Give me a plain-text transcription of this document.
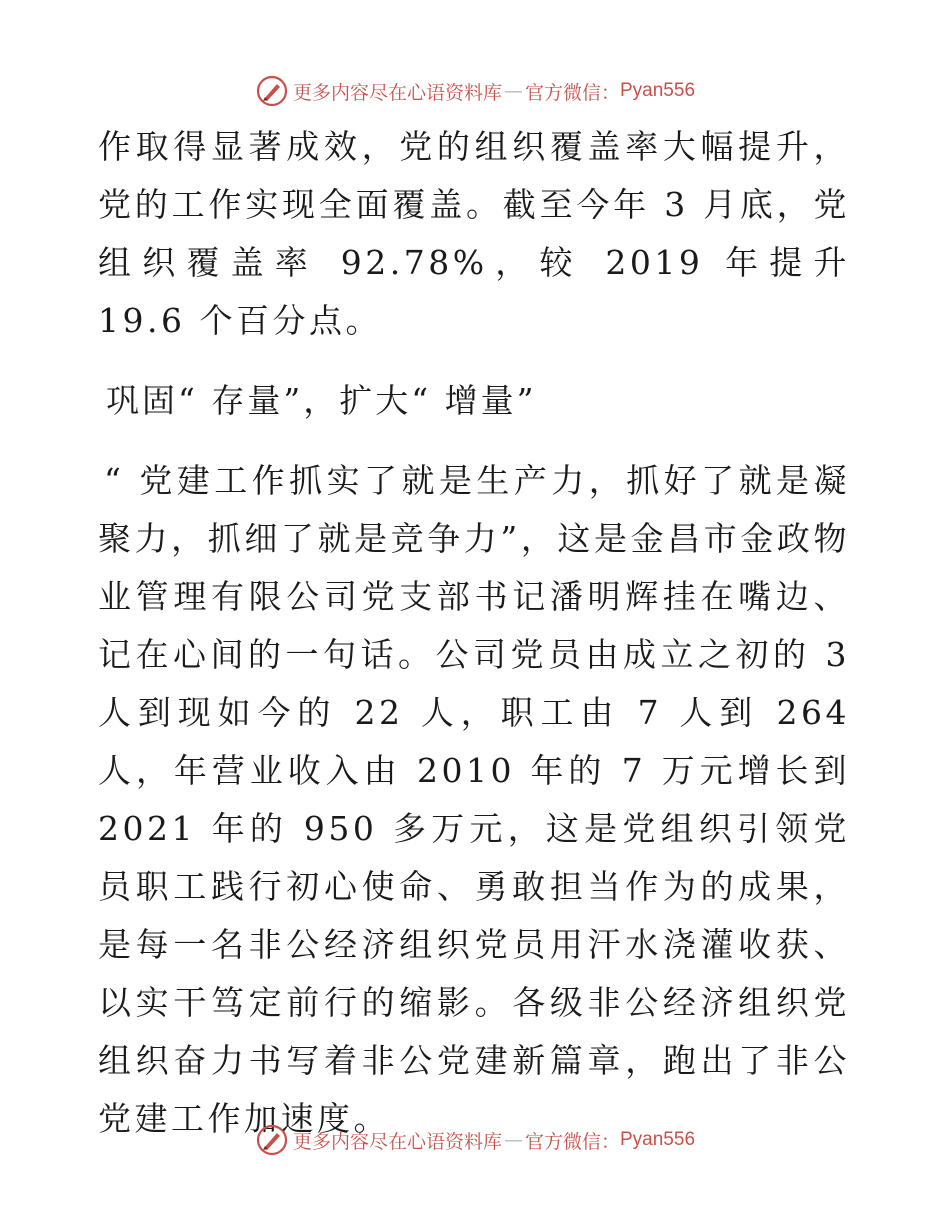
更多内容尽在心语资料库 — 官方微信： Pyan556

作取得显著成效，党的组织覆盖率大幅提升，党的工作实现全面覆盖。截至今年 3 月底，党组织覆盖率 92.78%，较 2019 年提升 19.6 个百分点。

巩固“ 存量”，扩大“ 增量”

“ 党建工作抓实了就是生产力，抓好了就是凝聚力，抓细了就是竞争力”，这是金昌市金政物业管理有限公司党支部书记潘明辉挂在嘴边、记在心间的一句话。公司党员由成立之初的 3 人到现如今的 22 人，职工由 7 人到 264 人，年营业收入由 2010 年的 7 万元增长到 2021 年的 950 多万元，这是党组织引领党员职工践行初心使命、勇敢担当作为的成果，是每一名非公经济组织党员用汗水浇灌收获、以实干笃定前行的缩影。各级非公经济组织党组织奋力书写着非公党建新篇章，跑出了非公党建工作加速度。

更多内容尽在心语资料库 — 官方微信： Pyan556
